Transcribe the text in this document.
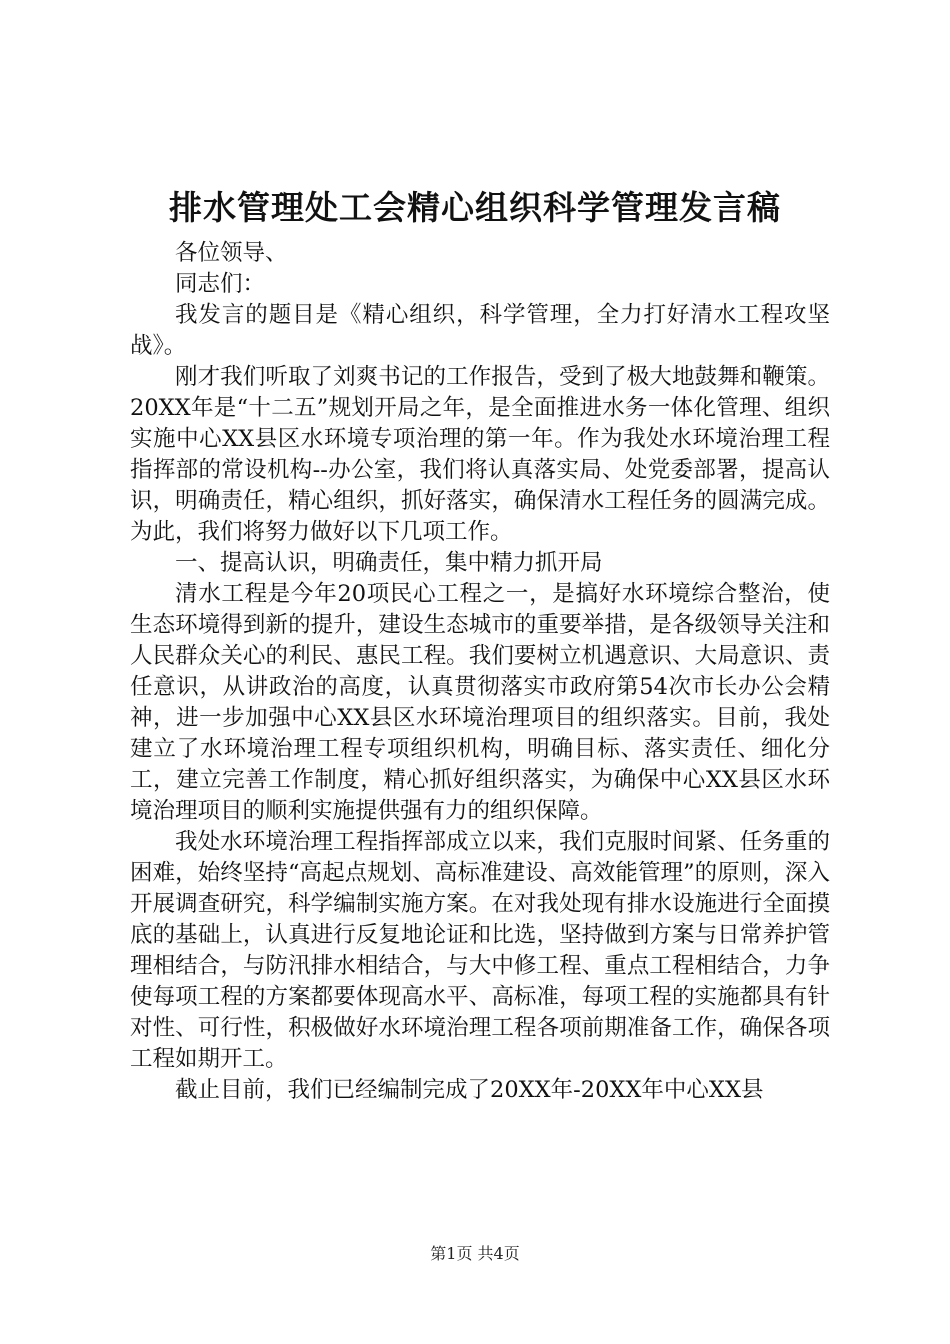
排水管理处工会精心组织科学管理发言稿

各位领导、

同志们：

我发言的题目是《精心组织，科学管理，全力打好清水工程攻坚战》。

刚才我们听取了刘爽书记的工作报告，受到了极大地鼓舞和鞭策。20XX年是“十二五”规划开局之年，是全面推进水务一体化管理、组织实施中心XX县区水环境专项治理的第一年。作为我处水环境治理工程指挥部的常设机构--办公室，我们将认真落实局、处党委部署，提高认识，明确责任，精心组织，抓好落实，确保清水工程任务的圆满完成。为此，我们将努力做好以下几项工作。

一、提高认识，明确责任，集中精力抓开局

清水工程是今年20项民心工程之一，是搞好水环境综合整治，使生态环境得到新的提升，建设生态城市的重要举措，是各级领导关注和人民群众关心的利民、惠民工程。我们要树立机遇意识、大局意识、责任意识，从讲政治的高度，认真贯彻落实市政府第54次市长办公会精神，进一步加强中心XX县区水环境治理项目的组织落实。目前，我处建立了水环境治理工程专项组织机构，明确目标、落实责任、细化分工，建立完善工作制度，精心抓好组织落实，为确保中心XX县区水环境治理项目的顺利实施提供强有力的组织保障。

我处水环境治理工程指挥部成立以来，我们克服时间紧、任务重的困难，始终坚持“高起点规划、高标准建设、高效能管理”的原则，深入开展调查研究，科学编制实施方案。在对我处现有排水设施进行全面摸底的基础上，认真进行反复地论证和比选，坚持做到方案与日常养护管理相结合，与防汛排水相结合，与大中修工程、重点工程相结合，力争使每项工程的方案都要体现高水平、高标准，每项工程的实施都具有针对性、可行性，积极做好水环境治理工程各项前期准备工作，确保各项工程如期开工。

截止目前，我们已经编制完成了20XX年-20XX年中心XX县

第1页 共4页
